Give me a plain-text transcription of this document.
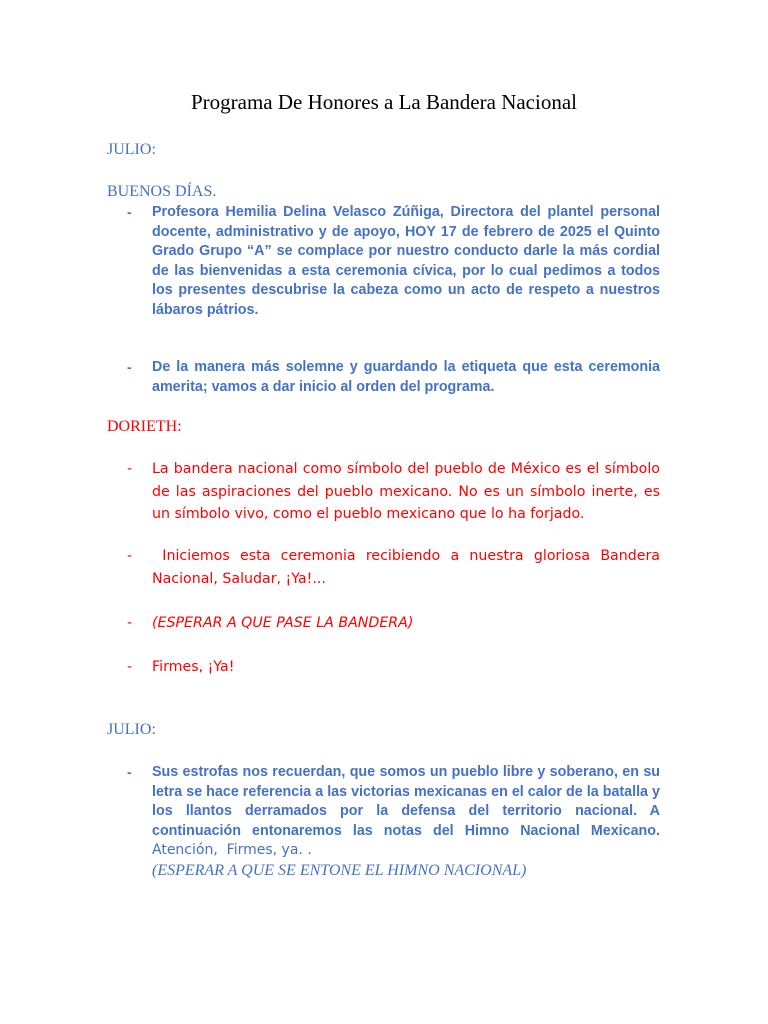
Programa De Honores a La Bandera Nacional

JULIO:

BUENOS DÍAS.

- Profesora Hemilia Delina Velasco Zúñiga, Directora del plantel personal docente, administrativo y de apoyo, HOY 17 de febrero de 2025 el Quinto Grado Grupo “A” se complace por nuestro conducto darle la más cordial de las bienvenidas a esta ceremonia cívica, por lo cual pedimos a todos los presentes descubrise la cabeza como un acto de respeto a nuestros lábaros pátrios.
- De la manera más solemne y guardando la etiqueta que esta ceremonia amerita; vamos a dar inicio al orden del programa.

DORIETH:

- La bandera nacional como símbolo del pueblo de México es el símbolo de las aspiraciones del pueblo mexicano. No es un símbolo inerte, es un símbolo vivo, como el pueblo mexicano que lo ha forjado.
- Iniciemos esta ceremonia recibiendo a nuestra gloriosa Bandera Nacional, Saludar, ¡Ya!...
- (ESPERAR A QUE PASE LA BANDERA)
- Firmes, ¡Ya!

JULIO:

- Sus estrofas nos recuerdan, que somos un pueblo libre y soberano, en su letra se hace referencia a las victorias mexicanas en el calor de la batalla y los llantos derramados por la defensa del territorio nacional. A continuación entonaremos las notas del Himno Nacional Mexicano. Atención,  Firmes, ya. .
(ESPERAR A QUE SE ENTONE EL HIMNO NACIONAL)
